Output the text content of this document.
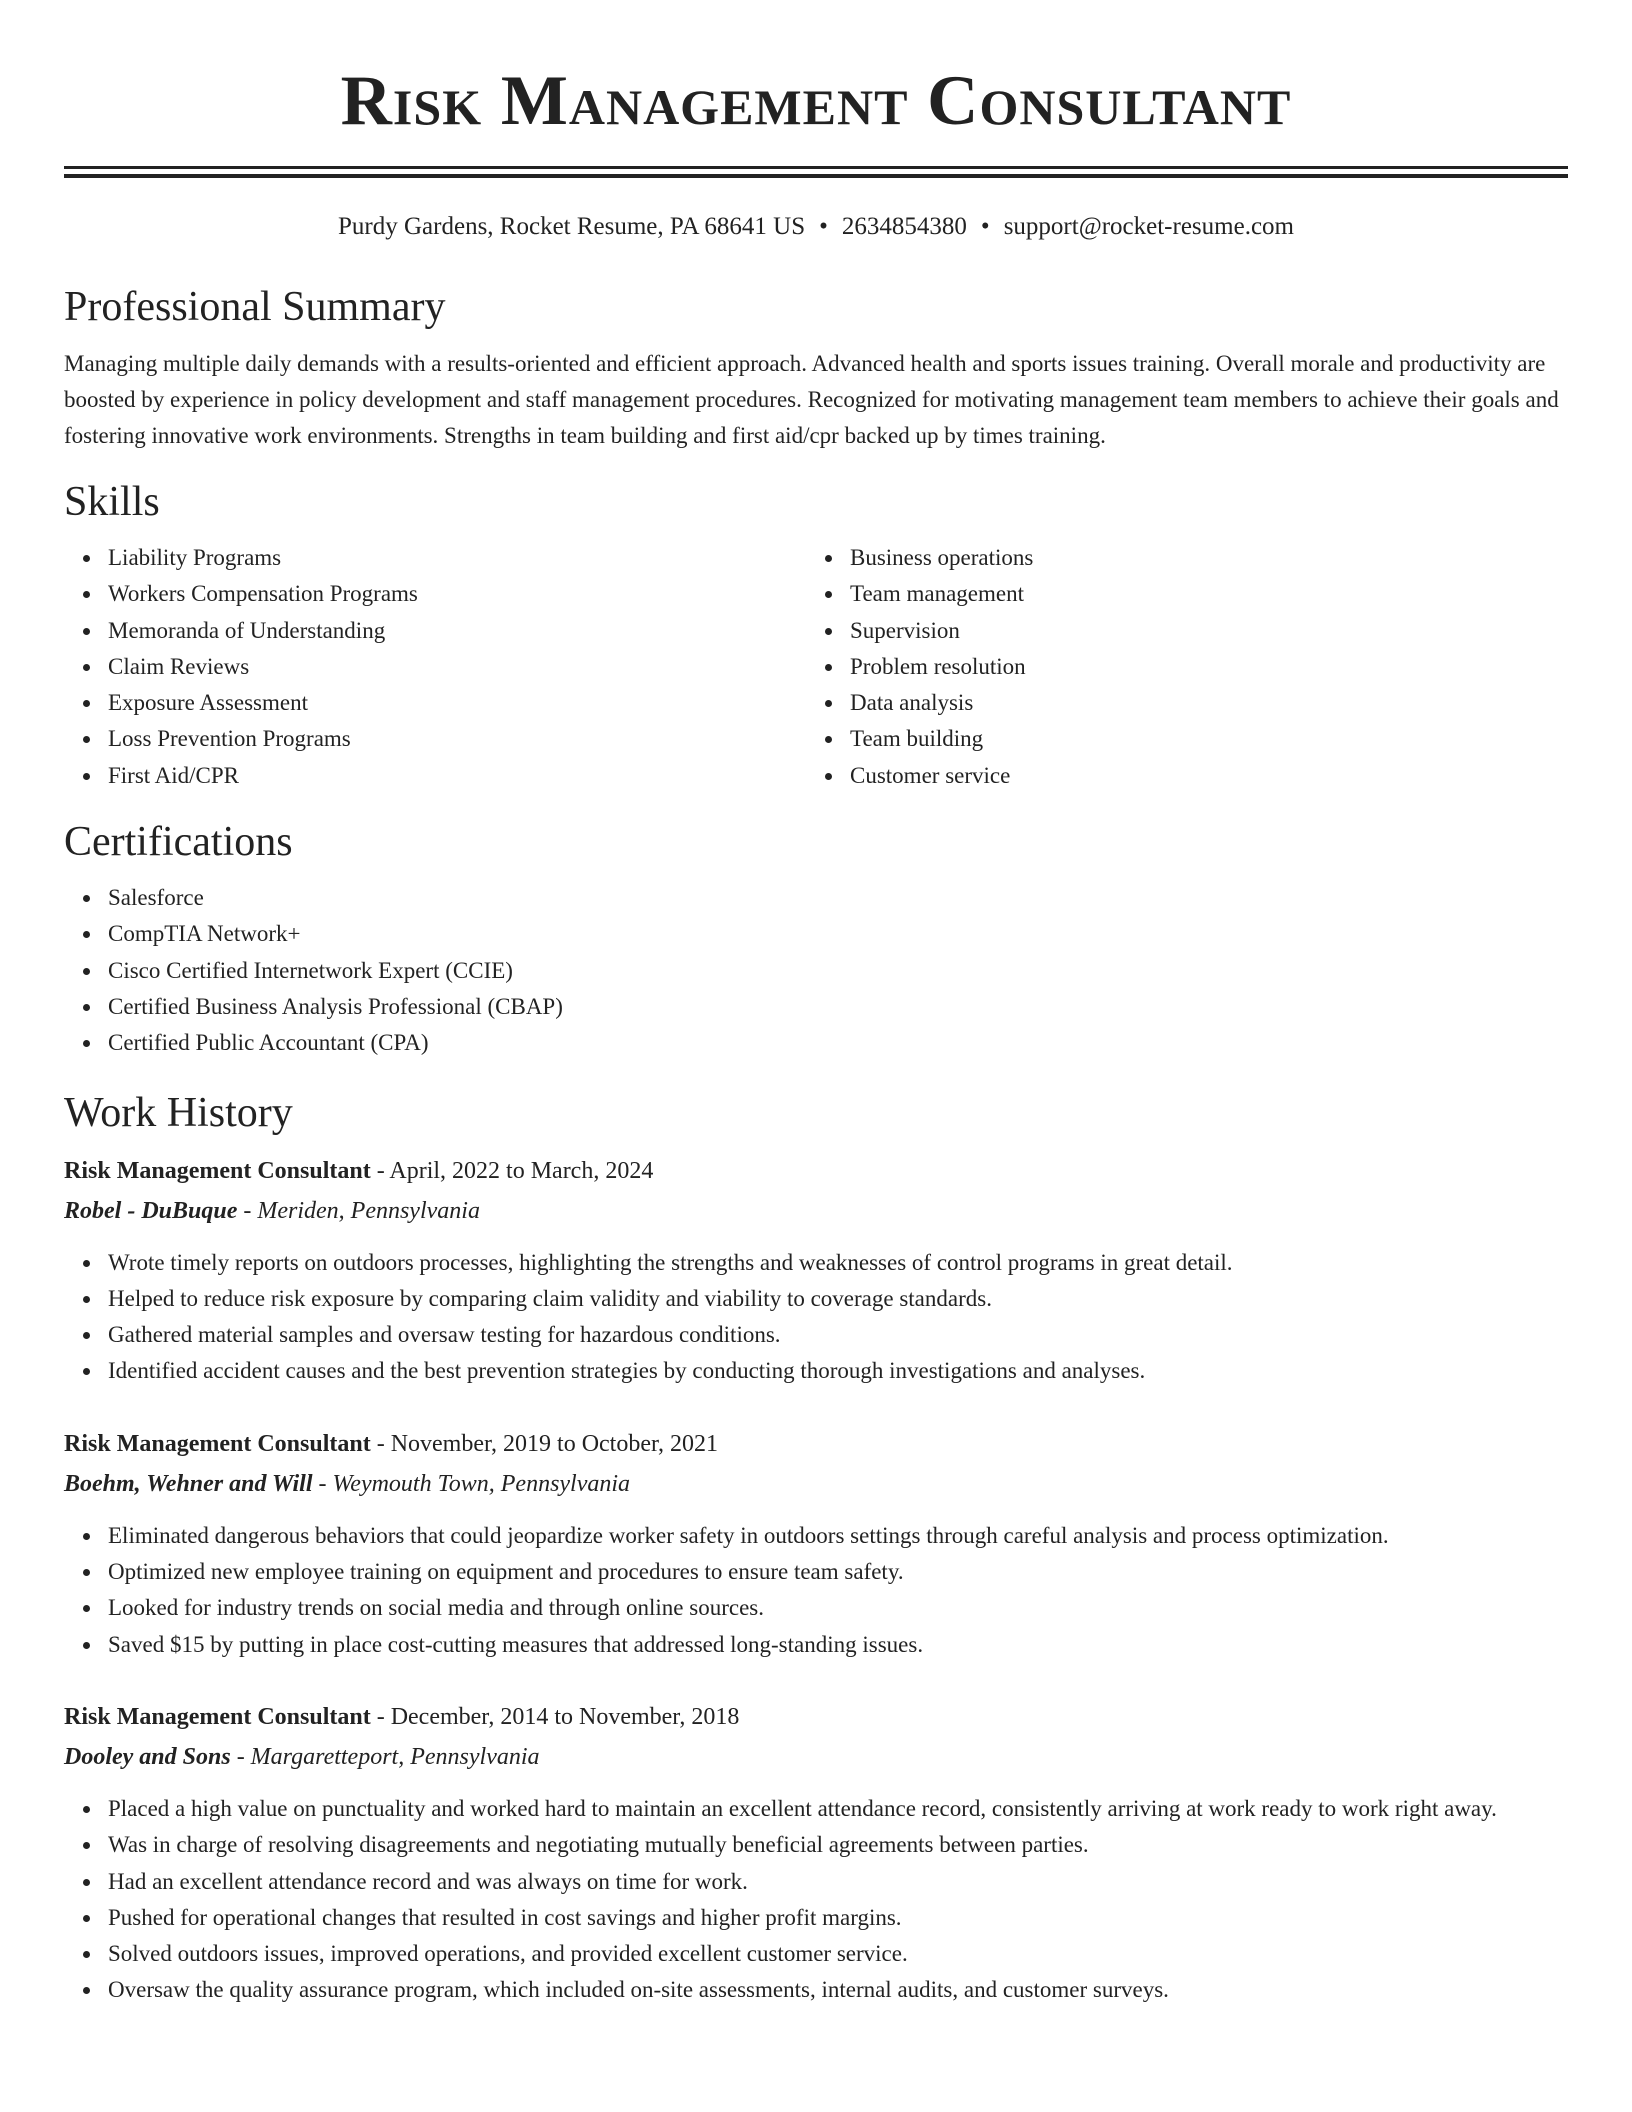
Risk Management Consultant
Purdy Gardens, Rocket Resume, PA 68641 US • 2634854380 • support@rocket-resume.com
Professional Summary

Managing multiple daily demands with a results-oriented and efficient approach. Advanced health and sports issues training. Overall morale and productivity are boosted by experience in policy development and staff management procedures. Recognized for motivating management team members to achieve their goals and fostering innovative work environments. Strengths in team building and first aid/cpr backed up by times training.

Skills
Liability Programs
Workers Compensation Programs
Memoranda of Understanding
Claim Reviews
Exposure Assessment
Loss Prevention Programs
First Aid/CPR
Business operations
Team management
Supervision
Problem resolution
Data analysis
Team building
Customer service
Certifications
Salesforce
CompTIA Network+
Cisco Certified Internetwork Expert (CCIE)
Certified Business Analysis Professional (CBAP)
Certified Public Accountant (CPA)
Work History
Risk Management Consultant - April, 2022 to March, 2024
Robel - DuBuque - Meriden, Pennsylvania
Wrote timely reports on outdoors processes, highlighting the strengths and weaknesses of control programs in great detail.
Helped to reduce risk exposure by comparing claim validity and viability to coverage standards.
Gathered material samples and oversaw testing for hazardous conditions.
Identified accident causes and the best prevention strategies by conducting thorough investigations and analyses.
Risk Management Consultant - November, 2019 to October, 2021
Boehm, Wehner and Will - Weymouth Town, Pennsylvania
Eliminated dangerous behaviors that could jeopardize worker safety in outdoors settings through careful analysis and process optimization.
Optimized new employee training on equipment and procedures to ensure team safety.
Looked for industry trends on social media and through online sources.
Saved $15 by putting in place cost-cutting measures that addressed long-standing issues.
Risk Management Consultant - December, 2014 to November, 2018
Dooley and Sons - Margaretteport, Pennsylvania
Placed a high value on punctuality and worked hard to maintain an excellent attendance record, consistently arriving at work ready to work right away.
Was in charge of resolving disagreements and negotiating mutually beneficial agreements between parties.
Had an excellent attendance record and was always on time for work.
Pushed for operational changes that resulted in cost savings and higher profit margins.
Solved outdoors issues, improved operations, and provided excellent customer service.
Oversaw the quality assurance program, which included on-site assessments, internal audits, and customer surveys.
